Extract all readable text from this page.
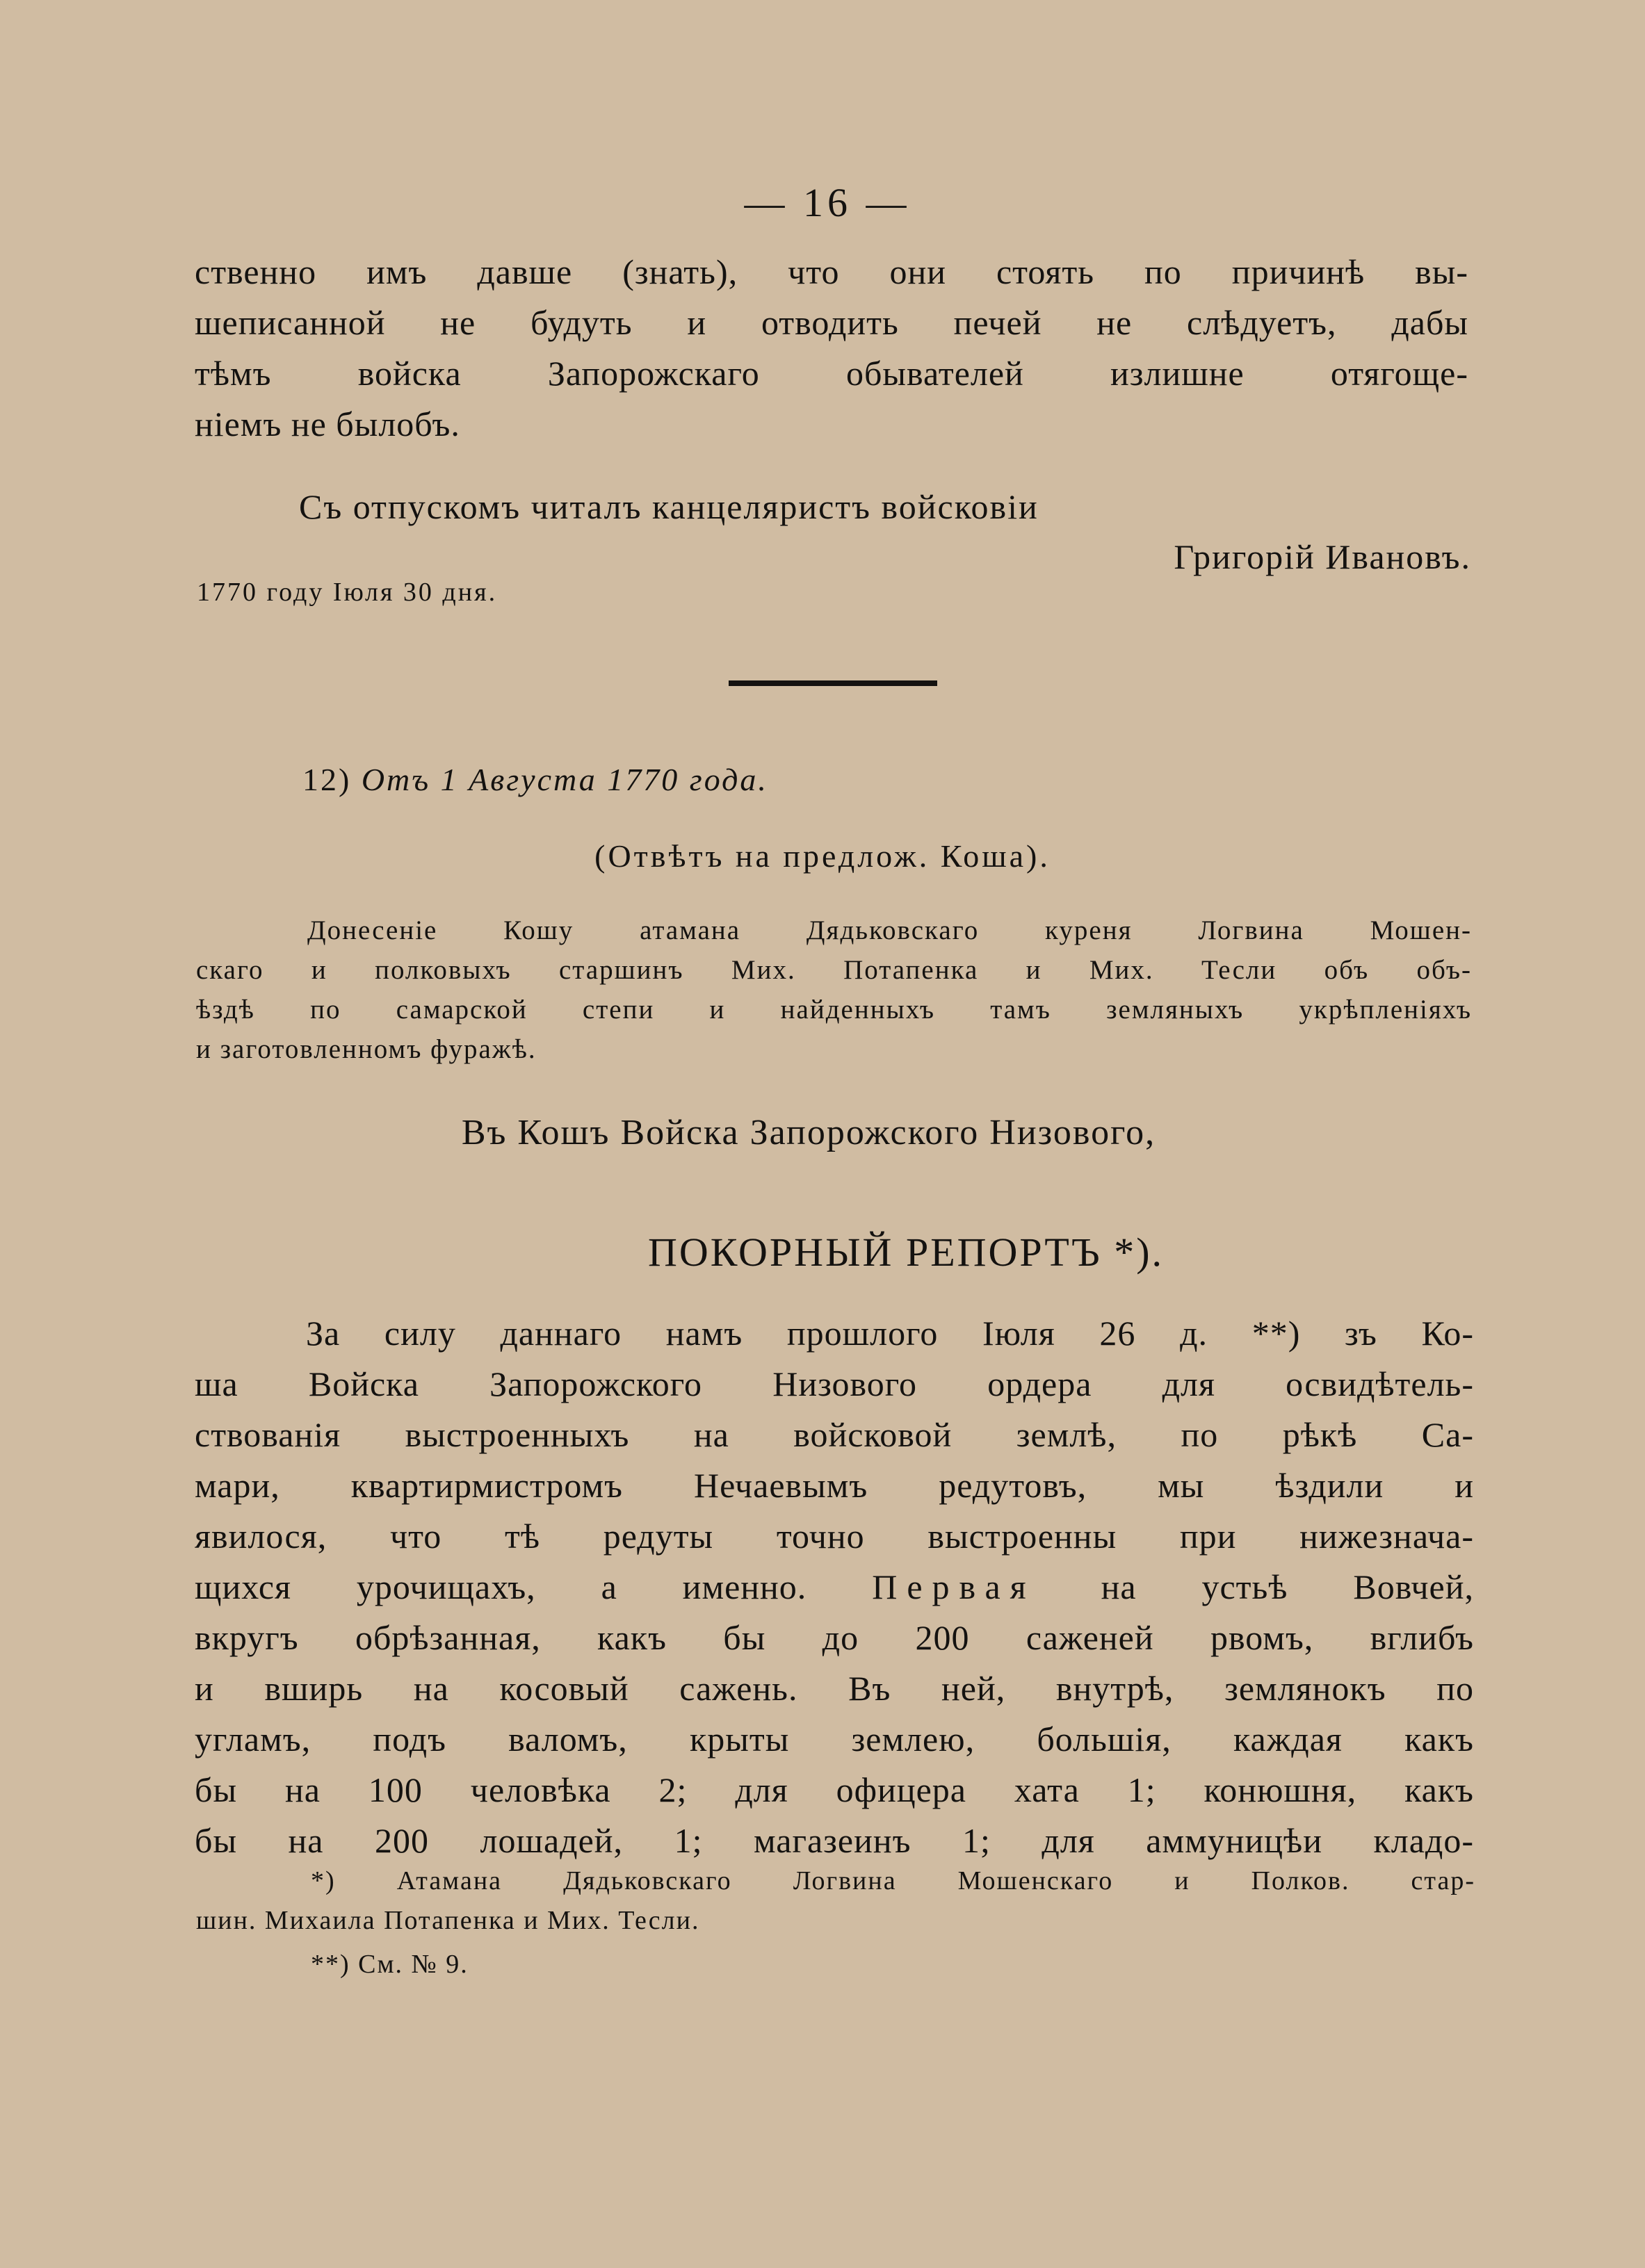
— 16 —
ственно имъ давше (знать), что они стоять по причинѣ вы-
шеписанной не будуть и отводить печей не слѣдуетъ, дабы
тѣмъ войска Запорожскаго обывателей излишне отягоще-
ніемъ не былобъ.
Съ отпускомъ читалъ канцеляристъ войсковіи
Григорій Ивановъ.
1770 году Іюля 30 дня.
12) Отъ 1 Августа 1770 года.
(Отвѣтъ на предлож. Коша).
Донесеніе Кошу атамана Дядьковскаго куреня Логвина Мошен-
скаго и полковыхъ старшинъ Мих. Потапенка и Мих. Тесли объ объ-
ѣздѣ по самарской степи и найденныхъ тамъ земляныхъ укрѣпленіяхъ
и заготовленномъ фуражѣ.
Въ Кошъ Войска Запорожского Низового,
ПОКОРНЫЙ РЕПОРТЪ *).
За силу даннаго намъ прошлого Іюля 26 д. **) зъ Ко-
ша Войска Запорожского Низового ордера для освидѣтель-
ствованія выстроенныхъ на войсковой землѣ, по рѣкѣ Са-
мари, квартирмистромъ Нечаевымъ редутовъ, мы ѣздили и
явилося, что тѣ редуты точно выстроенны при нижезнача-
щихся урочищахъ, а именно. Первая на устьѣ Вовчей,
вкругъ обрѣзанная, какъ бы до 200 саженей рвомъ, вглибъ
и вширь на косовый сажень. Въ ней, внутрѣ, землянокъ по
угламъ, подъ валомъ, крыты землею, большія, каждая какъ
бы на 100 человѣка 2; для офицера хата 1; конюшня, какъ
бы на 200 лошадей, 1; магазеинъ 1; для аммуницѣи кладо-
*) Атамана Дядьковскаго Логвина Мошенскаго и Полков. стар-
шин. Михаила Потапенка и Мих. Тесли.
**) См. № 9.
